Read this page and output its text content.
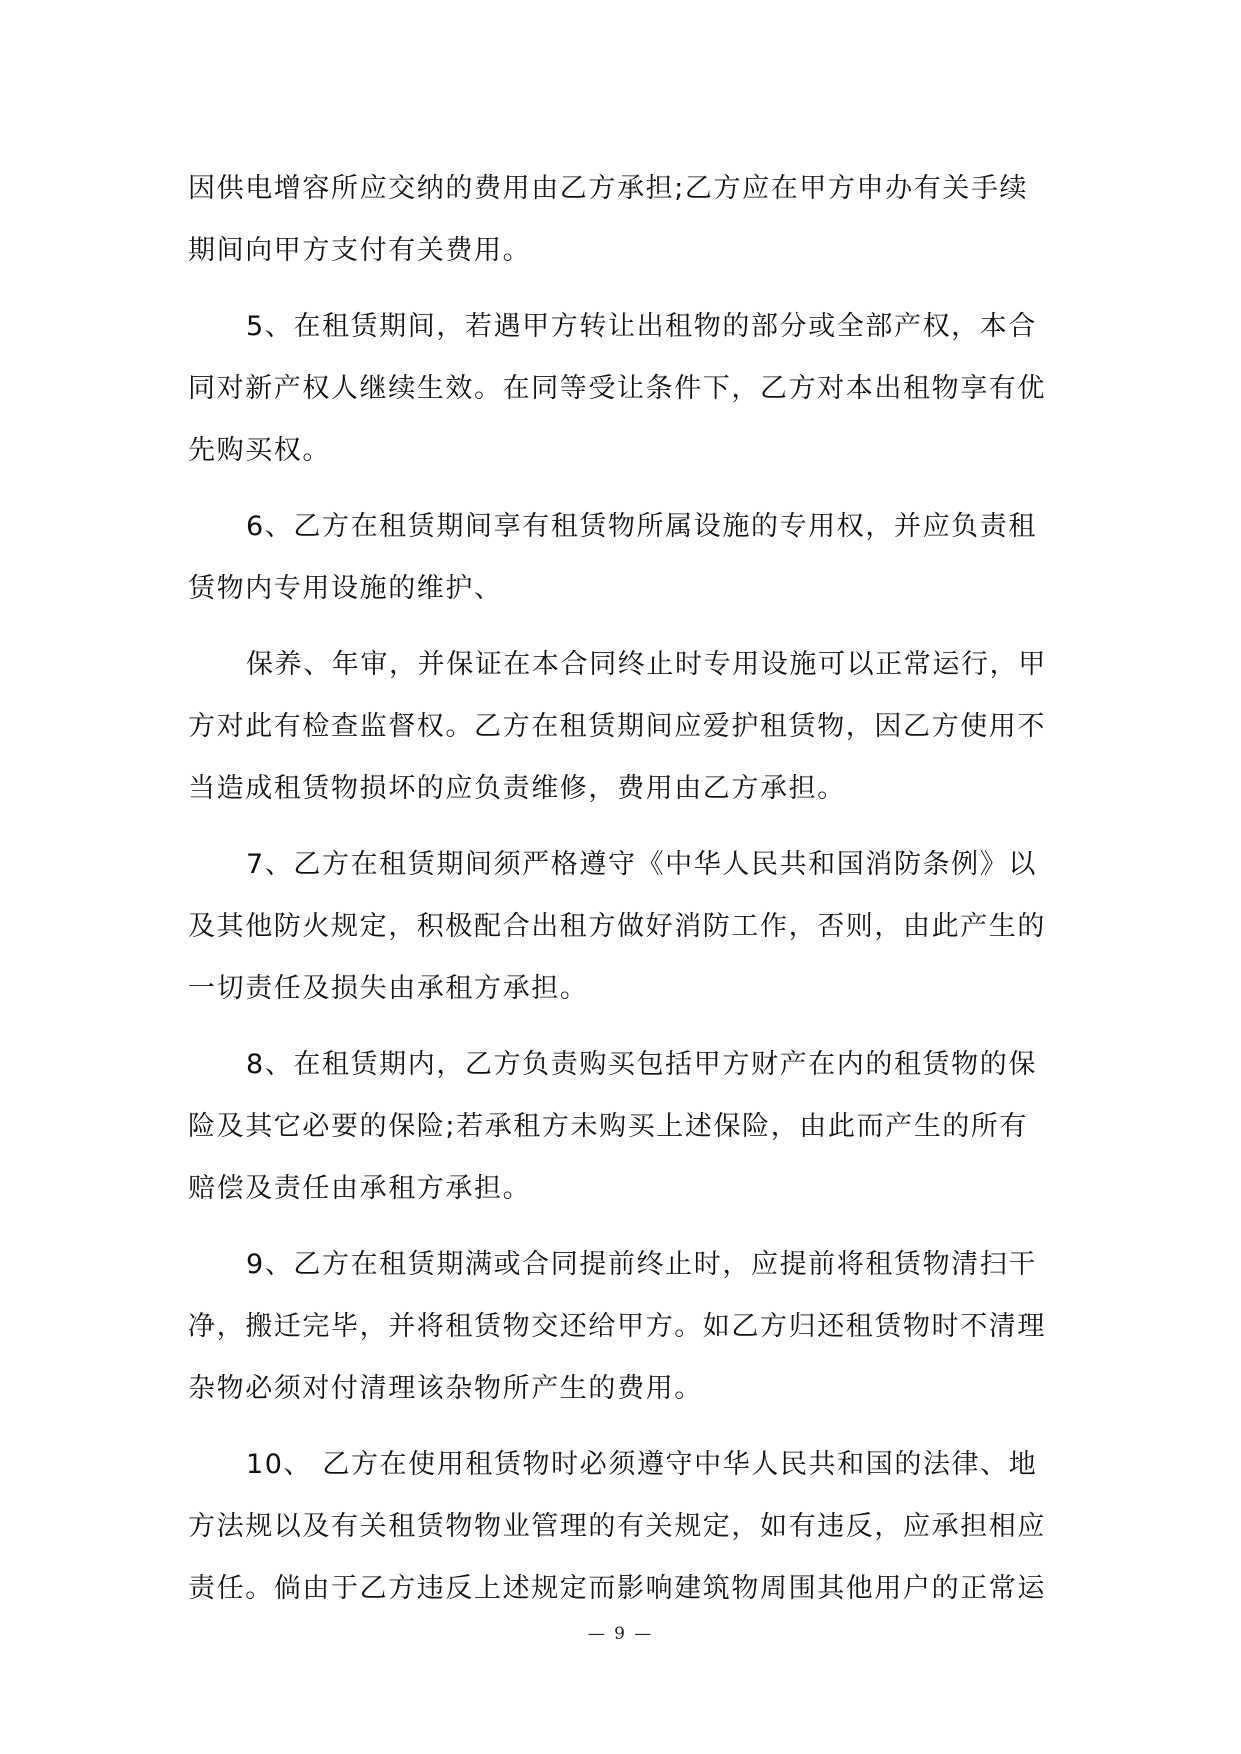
因供电增容所应交纳的费用由乙方承担;乙方应在甲方申办有关手续
期间向甲方支付有关费用。
5、在租赁期间，若遇甲方转让出租物的部分或全部产权，本合
同对新产权人继续生效。在同等受让条件下，乙方对本出租物享有优
先购买权。
6、乙方在租赁期间享有租赁物所属设施的专用权，并应负责租
赁物内专用设施的维护、
保养、年审，并保证在本合同终止时专用设施可以正常运行，甲
方对此有检查监督权。乙方在租赁期间应爱护租赁物，因乙方使用不
当造成租赁物损坏的应负责维修，费用由乙方承担。
7、乙方在租赁期间须严格遵守《中华人民共和国消防条例》以
及其他防火规定，积极配合出租方做好消防工作，否则，由此产生的
一切责任及损失由承租方承担。
8、在租赁期内，乙方负责购买包括甲方财产在内的租赁物的保
险及其它必要的保险;若承租方未购买上述保险，由此而产生的所有
赔偿及责任由承租方承担。
9、乙方在租赁期满或合同提前终止时，应提前将租赁物清扫干
净，搬迁完毕，并将租赁物交还给甲方。如乙方归还租赁物时不清理
杂物必须对付清理该杂物所产生的费用。
10、 乙方在使用租赁物时必须遵守中华人民共和国的法律、地
方法规以及有关租赁物物业管理的有关规定，如有违反，应承担相应
责任。倘由于乙方违反上述规定而影响建筑物周围其他用户的正常运
— 9 —
